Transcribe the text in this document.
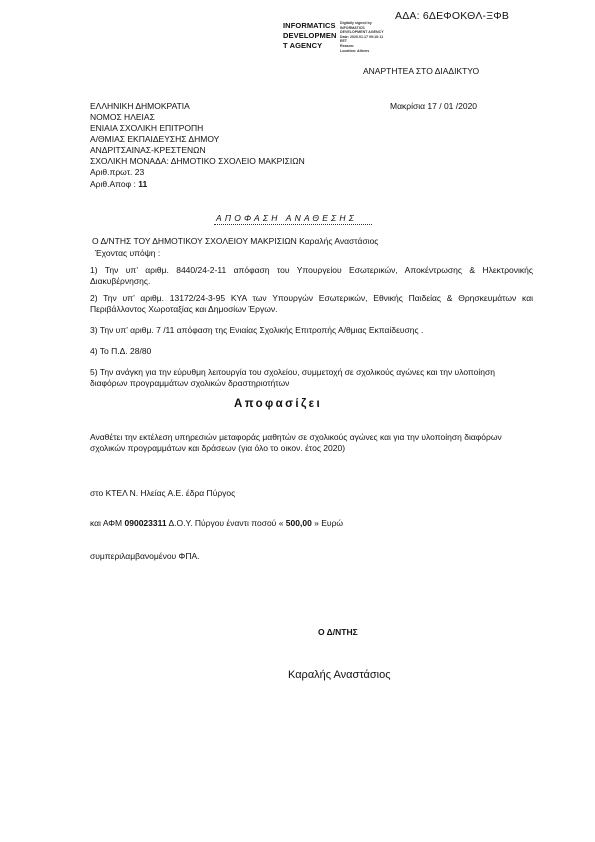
ΑΔΑ: 6ΔΕΦΟΚΘΛ-ΞΦΒ
INFORMATICS
DEVELOPMEN
T AGENCY
Digitally signed by
INFORMATICS
DEVELOPMENT AGENCY
Date: 2020.01.17 09:16:11
EET
Reason:
Location: Athens
ΑΝΑΡΤΗΤΕΑ ΣΤΟ ΔΙΑΔΙΚΤΥΟ
ΕΛΛΗΝΙΚΗ ΔΗΜΟΚΡΑΤΙΑ
ΝΟΜΟΣ ΗΛΕΙΑΣ
ΕΝΙΑΙΑ ΣΧΟΛΙΚΗ ΕΠΙΤΡΟΠΗ
Α/ΘΜΙΑΣ ΕΚΠΑΙΔΕΥΣΗΣ ΔΗΜΟΥ
ΑΝΔΡΙΤΣΑΙΝΑΣ-ΚΡΕΣΤΕΝΩΝ
ΣΧΟΛΙΚΗ ΜΟΝΑΔΑ: ΔΗΜΟΤΙΚΟ ΣΧΟΛΕΙΟ ΜΑΚΡΙΣΙΩΝ
Αριθ.πρωτ. 23
Αριθ.Αποφ : 11
Μακρίσια 17 / 01 /2020
ΑΠΟΦΑΣΗ ΑΝΑΘΕΣΗΣ
Ο Δ/ΝΤΗΣ ΤΟΥ ΔΗΜΟΤΙΚΟΥ ΣΧΟΛΕΙΟΥ ΜΑΚΡΙΣΙΩΝ Καραλής Αναστάσιος
Έχοντας υπόψη :
1) Την υπ’ αριθμ. 8440/24-2-11 απόφαση του Υπουργείου Εσωτερικών, Αποκέντρωσης & Ηλεκτρονικής Διακυβέρνησης.
2) Την υπ’ αριθμ. 13172/24-3-95 ΚΥΑ των Υπουργών Εσωτερικών, Εθνικής Παιδείας & Θρησκευμάτων και Περιβάλλοντος Χωροταξίας και Δημοσίων Έργων.
3) Την υπ’ αριθμ. 7 /11 απόφαση της Ενιαίας Σχολικής Επιτροπής Α/θμιας Εκπαίδευσης .
4) Το Π.Δ. 28/80
5) Την ανάγκη για την εύρυθμη λειτουργία του σχολείου, συμμετοχή σε σχολικούς αγώνες και την υλοποίηση διαφόρων προγραμμάτων σχολικών δραστηριοτήτων
Αποφασίζει
Αναθέτει την εκτέλεση υπηρεσιών μεταφοράς μαθητών σε σχολικούς αγώνες και για την υλοποίηση διαφόρων σχολικών προγραμμάτων και δράσεων (για όλο το οικον. έτος 2020)
στο ΚΤΕΛ Ν. Ηλείας Α.Ε. έδρα Πύργος
και ΑΦΜ 090023311 Δ.Ο.Υ. Πύργου έναντι ποσού « 500,00 » Ευρώ
συμπεριλαμβανομένου ΦΠΑ.
Ο Δ/ΝΤΗΣ
Καραλής Αναστάσιος
